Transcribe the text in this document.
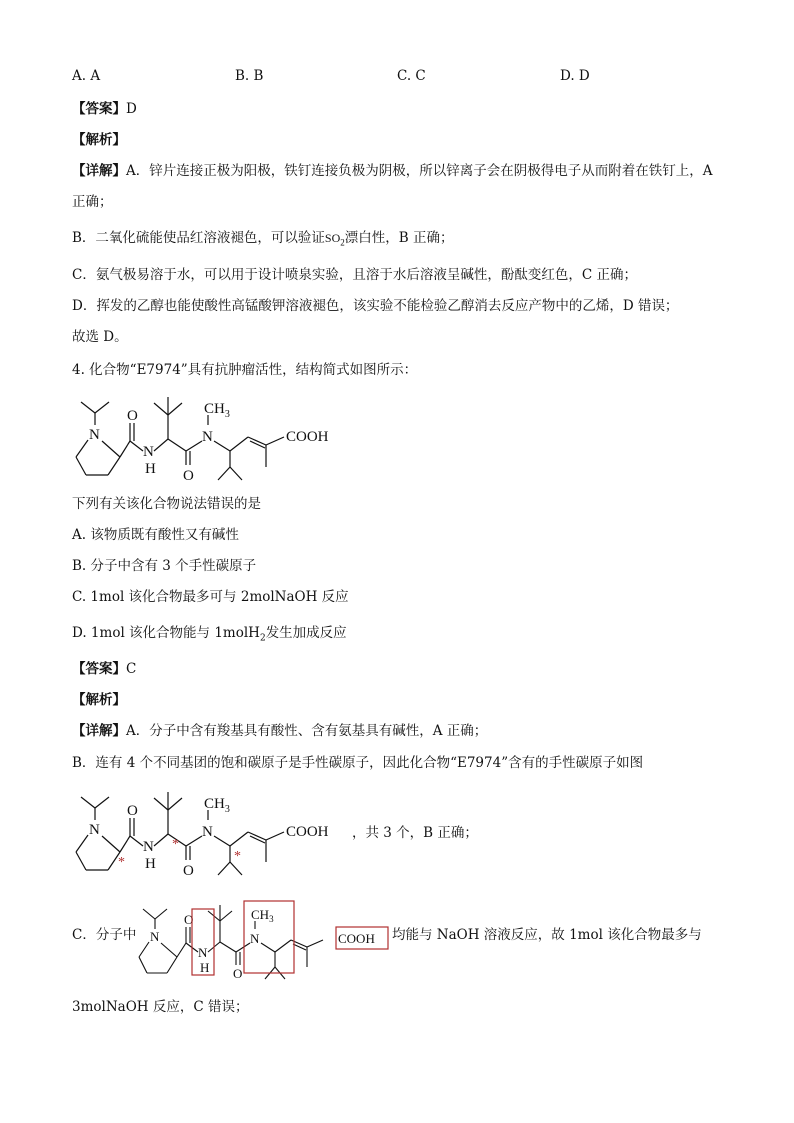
A. A	B. B	C. C	D. D
【答案】D
【解析】
【详解】A．锌片连接正极为阳极，铁钉连接负极为阴极，所以锌离子会在阴极得电子从而附着在铁钉上，A
正确；
B．二氧化硫能使品红溶液褪色，可以验证$SO_2$漂白性，B 正确；
C．氨气极易溶于水，可以用于设计喷泉实验，且溶于水后溶液呈碱性，酚酞变红色，C 正确；
D．挥发的乙醇也能使酸性高锰酸钾溶液褪色，该实验不能检验乙醇消去反应产物中的乙烯，D 错误；
故选 D。
4. 化合物“E7974”具有抗肿瘤活性，结构简式如图所示：
N
O
N
H O
N
$CH_3$
COOH
下列有关该化合物说法错误的是
A. 该物质既有酸性又有碱性
B. 分子中含有 3 个手性碳原子
C. 1mol 该化合物最多可与 2molNaOH 反应
D. 1mol 该化合物能与 1molH$_2$发生加成反应
【答案】C
【解析】
【详解】A．分子中含有羧基具有酸性、含有氨基具有碱性，A 正确；
B．连有 4 个不同基团的饱和碳原子是手性碳原子，因此化合物“E7974”含有的手性碳原子如图
N
O
N
H O
N
$CH_3$
COOH
*
*
*
，共 3 个，B 正确；
C．分子中 N
O
N
H O
N
$CH_3$
COOH 均能与 NaOH 溶液反应，故 1mol 该化合物最多与
3molNaOH 反应，C 错误；
